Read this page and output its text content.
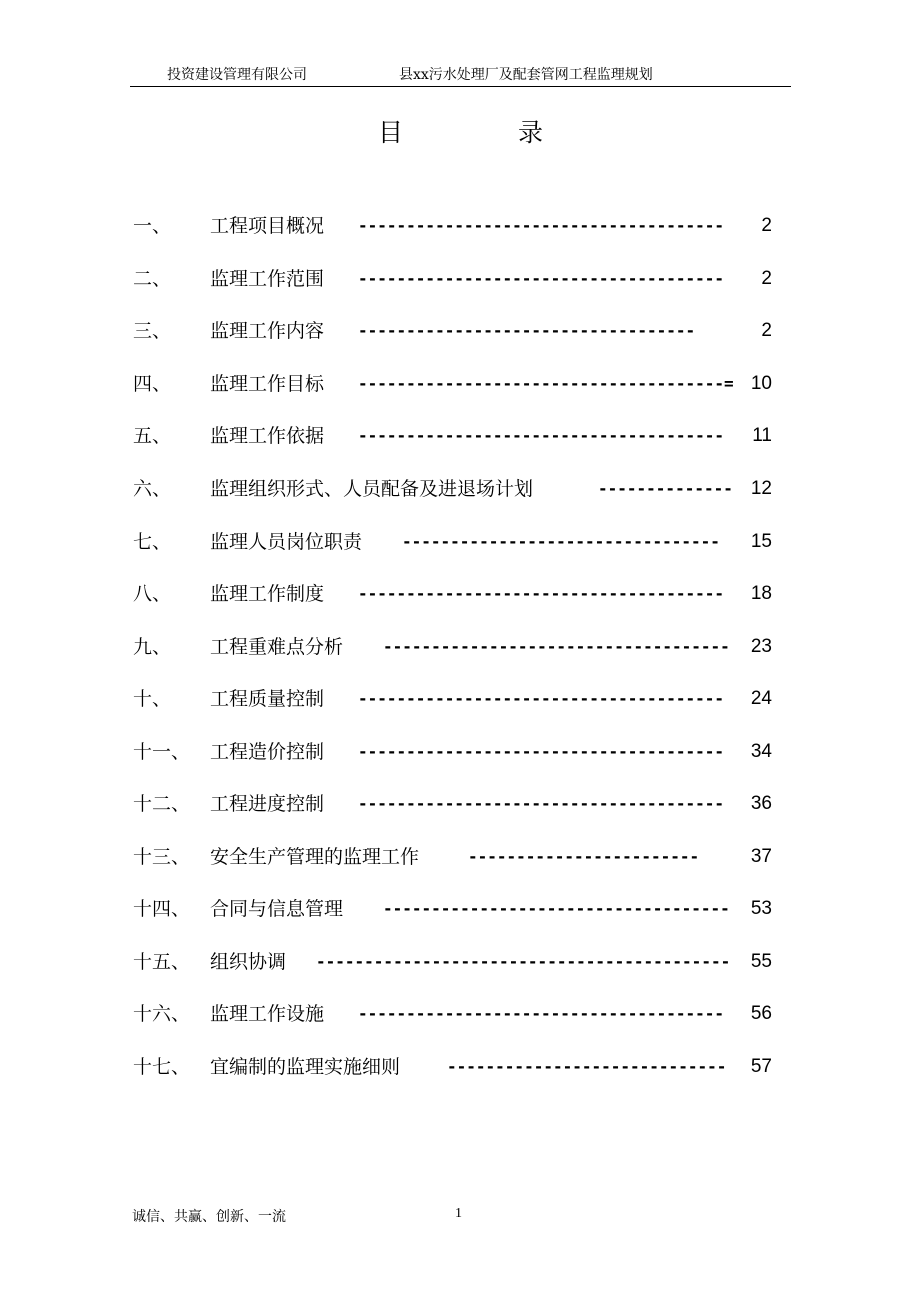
投资建设管理有限公司	县xx污水处理厂及配套管网工程监理规划
目	录
一、 工程项目概况 -------------------------------------- 2
二、 监理工作范围 -------------------------------------- 2
三、 监理工作内容 -----------------------------------	2
四、 监理工作目标 --------------------------------------= 10
五、 监理工作依据 -------------------------------------- 11
六、 监理组织形式、人员配备及进退场计划	-------------- 12
七、 监理人员岗位职责 --------------------------------- 15
八、 监理工作制度 -------------------------------------- 18
九、 工程重难点分析 ------------------------------------ 23
十、 工程质量控制 -------------------------------------- 24
十一、 工程造价控制 -------------------------------------- 34
十二、 工程进度控制 -------------------------------------- 36
十三、 安全生产管理的监理工作	------------------------	37
十四、 合同与信息管理 ------------------------------------ 53
十五、 组织协调 ------------------------------------------- 55
十六、 监理工作设施 -------------------------------------- 56
十七、 宜编制的监理实施细则	----------------------------- 57
诚信、共赢、创新、一流	1
